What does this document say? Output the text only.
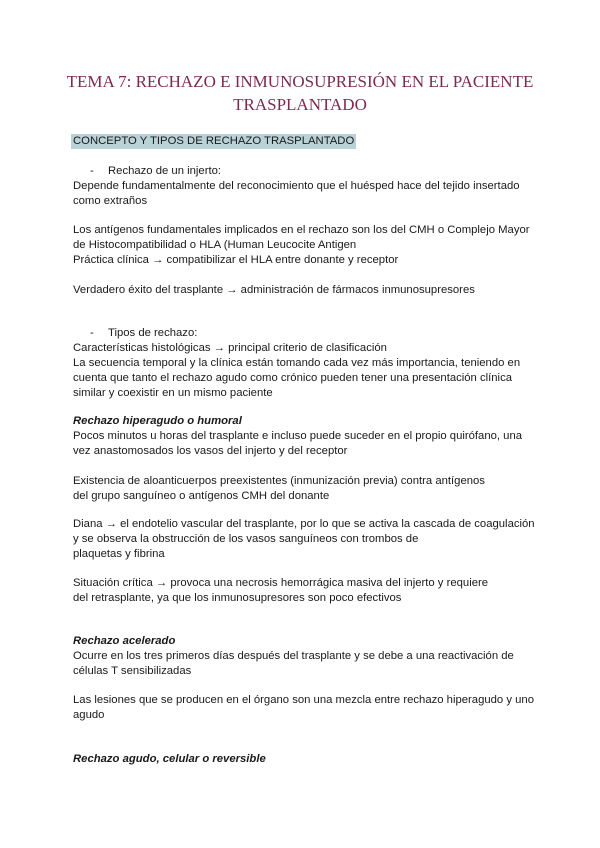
TEMA 7: RECHAZO E INMUNOSUPRESIÓN EN EL PACIENTE
TRASPLANTADO
CONCEPTO Y TIPOS DE RECHAZO TRASPLANTADO
- Rechazo de un injerto:
Depende fundamentalmente del reconocimiento que el huésped hace del tejido insertado
como extraños
Los antígenos fundamentales implicados en el rechazo son los del CMH o Complejo Mayor
de Histocompatibilidad o HLA (Human Leucocite Antigen
Práctica clínica → compatibilizar el HLA entre donante y receptor
Verdadero éxito del trasplante → administración de fármacos inmunosupresores
- Tipos de rechazo:
Características histológicas → principal criterio de clasificación
La secuencia temporal y la clínica están tomando cada vez más importancia, teniendo en
cuenta que tanto el rechazo agudo como crónico pueden tener una presentación clínica
similar y coexistir en un mismo paciente
Rechazo hiperagudo o humoral
Pocos minutos u horas del trasplante e incluso puede suceder en el propio quirófano, una
vez anastomosados los vasos del injerto y del receptor
Existencia de aloanticuerpos preexistentes (inmunización previa) contra antígenos
del grupo sanguíneo o antígenos CMH del donante
Diana → el endotelio vascular del trasplante, por lo que se activa la cascada de coagulación
y se observa la obstrucción de los vasos sanguíneos con trombos de
plaquetas y fibrina
Situación crítica → provoca una necrosis hemorrágica masiva del injerto y requiere
del retrasplante, ya que los inmunosupresores son poco efectivos
Rechazo acelerado
Ocurre en los tres primeros días después del trasplante y se debe a una reactivación de
células T sensibilizadas
Las lesiones que se producen en el órgano son una mezcla entre rechazo hiperagudo y uno
agudo
Rechazo agudo, celular o reversible
